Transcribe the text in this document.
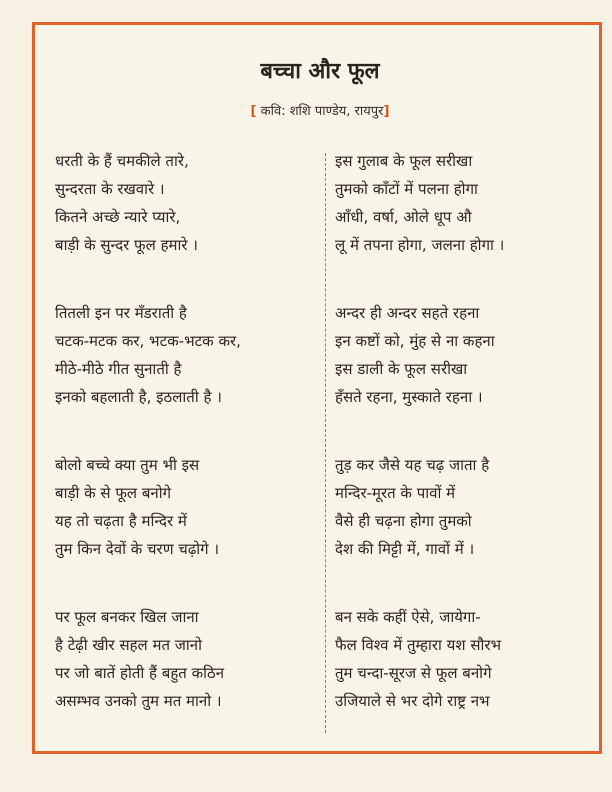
बच्चा और फूल
[ कवि: शशि पाण्डेय, रायपुर]
धरती के हैं चमकीले तारे,
सुन्दरता के रखवारे ।
कितने अच्छे न्यारे प्यारे,
बाड़ी के सुन्दर फूल हमारे ।
तितली इन पर मँडराती है
चटक-मटक कर, भटक-भटक कर,
मीठे-मीठे गीत सुनाती है
इनको बहलाती है, इठलाती है ।
बोलो बच्चे क्या तुम भी इस
बाड़ी के से फूल बनोगे
यह तो चढ़ता है मन्दिर में
तुम किन देवों के चरण चढ़ोगे ।
पर फूल बनकर खिल जाना
है टेढ़ी खीर सहल मत जानो
पर जो बातें होती हैं बहुत कठिन
असम्भव उनको तुम मत मानो ।
इस गुलाब के फूल सरीखा
तुमको काँटों में पलना होगा
आँधी, वर्षा, ओले धूप औ
लू में तपना होगा, जलना होगा ।
अन्दर ही अन्दर सहते रहना
इन कष्टों को, मुंह से ना कहना
इस डाली के फूल सरीखा
हँसते रहना, मुस्काते रहना ।
तुड़ कर जैसे यह चढ़ जाता है
मन्दिर-मूरत के पावों में
वैसे ही चढ़ना होगा तुमको
देश की मिट्टी में, गावों में ।
बन सके कहीं ऐसे, जायेगा-
फैल विश्व में तुम्हारा यश सौरभ
तुम चन्दा-सूरज से फूल बनोगे
उजियाले से भर दोगे राष्ट्र नभ
